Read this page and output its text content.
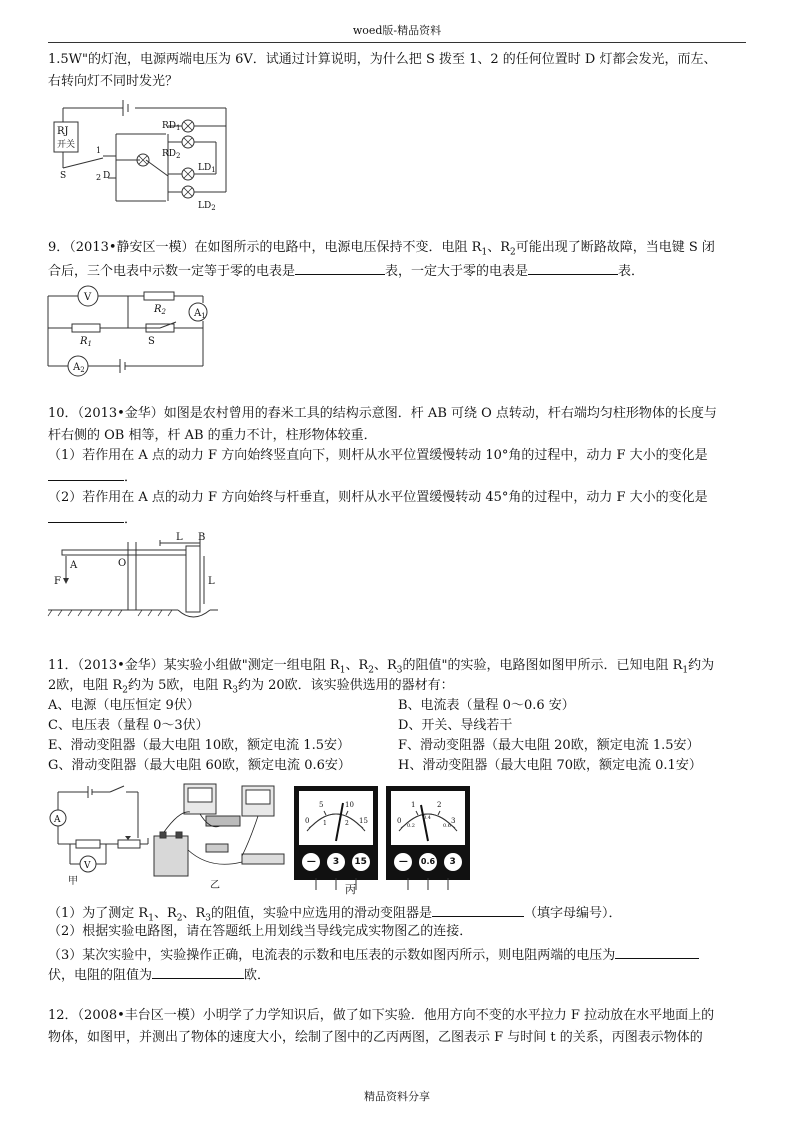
woed版-精品资料
1.5W"的灯泡，电源两端电压为 6V．试通过计算说明，为什么把 S 拨至 1、2 的任何位置时 D 灯都会发光，而左、
右转向灯不同时发光？
RJ
开关
$RD_1$
$RD_2$
$LD_1$
$LD_2$
D
S
1
2
9．（2013•静安区一模）在如图所示的电路中，电源电压保持不变．电阻 $R_1$、$R_2$可能出现了断路故障，当电键 S 闭
合后，三个电表中示数一定等于零的电表是	表，一定大于零的电表是	表．
V
$A_1$
$A_2$
$R_2$
$R_1$	S
10．（2013•金华）如图是农村曾用的舂米工具的结构示意图．杆 AB 可绕 O 点转动，杆右端均匀柱形物体的长度与
杆右侧的 OB 相等，杆 AB 的重力不计，柱形物体较重．
（1）若作用在 A 点的动力 F 方向始终竖直向下，则杆从水平位置缓慢转动 10°角的过程中，动力 F 大小的变化是
．
（2）若作用在 A 点的动力 F 方向始终与杆垂直，则杆从水平位置缓慢转动 45°角的过程中，动力 F 大小的变化是
．
A
F
O
L B
L
11．（2013•金华）某实验小组做"测定一组电阻 $R_1$、$R_2$、$R_3$的阻值"的实验，电路图如图甲所示．已知电阻 $R_1$约为
2欧，电阻 $R_2$约为 5欧，电阻 $R_3$约为 20欧．该实验供选用的器材有：
A、电源（电压恒定 9伏）	B、电流表（量程 0～0.6 安）
C、电压表（量程 0～3伏）	D、开关、导线若干
E、滑动变阻器（最大电阻 10欧，额定电流 1.5安）	F、滑动变阻器（最大电阻 20欧，额定电流 1.5安）
G、滑动变阻器（最大电阻 60欧，额定电流 0.6安）	H、滑动变阻器（最大电阻 70欧，额定电流 0.1安）
A
V
甲	乙
0
5	10
15
1	2
—	3	15
0
1	2
3
0.2
0.4
0.6
—	0.6	3
丙
（1）为了测定 $R_1$、$R_2$、$R_3$的阻值，实验中应选用的滑动变阻器是	（填字母编号）．
（2）根据实验电路图，请在答题纸上用划线当导线完成实物图乙的连接．
（3）某次实验中，实验操作正确，电流表的示数和电压表的示数如图丙所示，则电阻两端的电压为
伏，电阻的阻值为	欧．
12．（2008•丰台区一模）小明学了力学知识后，做了如下实验．他用方向不变的水平拉力 F 拉动放在水平地面上的
物体，如图甲，并测出了物体的速度大小，绘制了图中的乙丙两图，乙图表示 F 与时间 t 的关系，丙图表示物体的
精品资料分享
